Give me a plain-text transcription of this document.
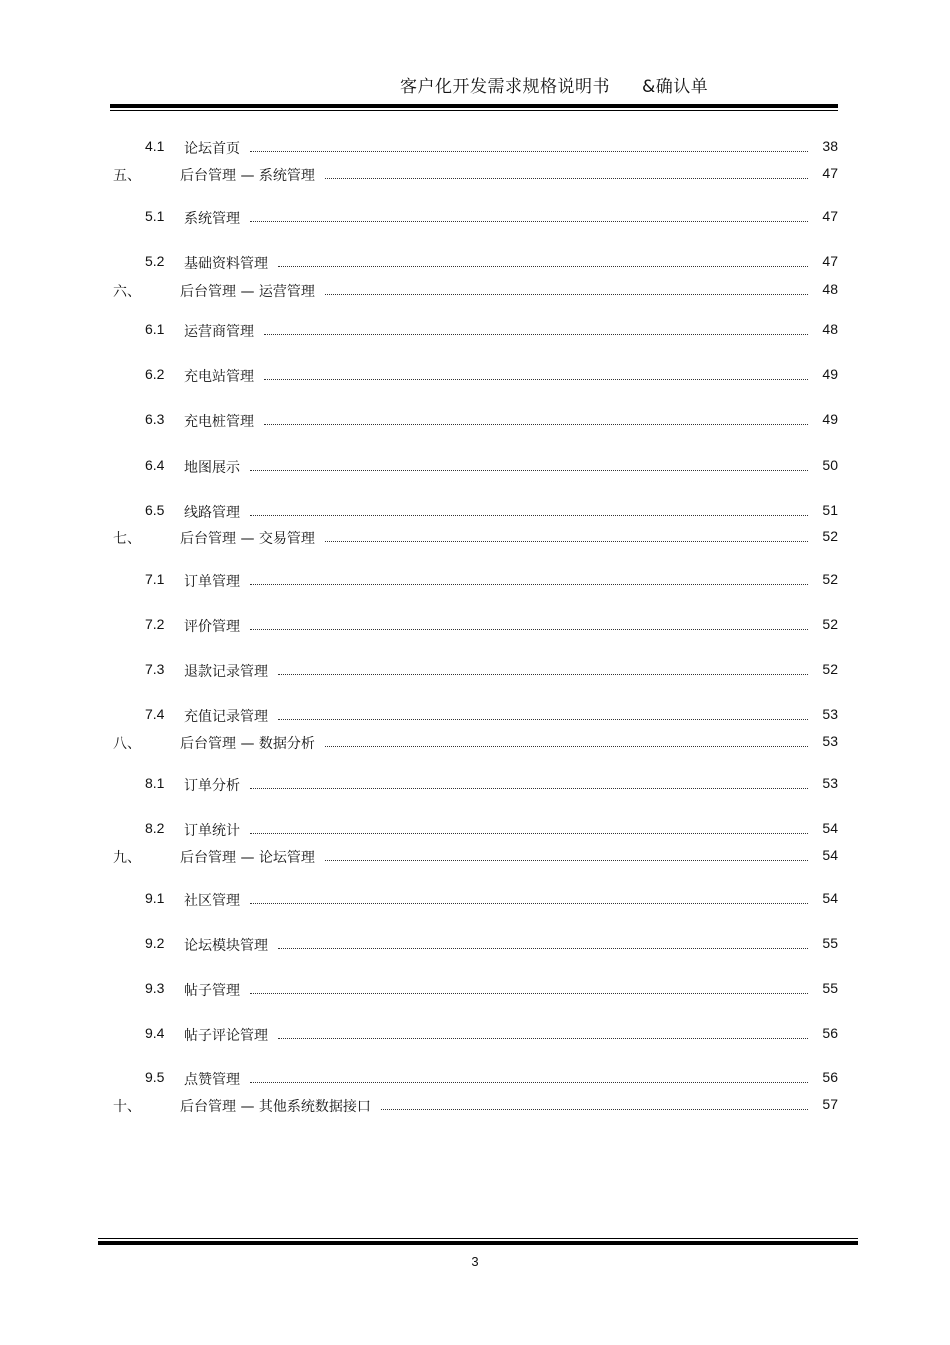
客户化开发需求规格说明书 &确认单
4.1 论坛首页	38
五、	后台管理 — 系统管理	47
5.1 系统管理	47
5.2 基础资料管理	47
六、	后台管理 — 运营管理	48
6.1 运营商管理	48
6.2 充电站管理	49
6.3 充电桩管理	49
6.4 地图展示	50
6.5 线路管理	51
七、	后台管理 — 交易管理	52
7.1 订单管理	52
7.2 评价管理	52
7.3 退款记录管理	52
7.4 充值记录管理	53
八、	后台管理 — 数据分析	53
8.1 订单分析	53
8.2 订单统计	54
九、	后台管理 — 论坛管理	54
9.1 社区管理	54
9.2 论坛模块管理	55
9.3 帖子管理	55
9.4 帖子评论管理	56
9.5 点赞管理	56
十、	后台管理 — 其他系统数据接口	57
3
